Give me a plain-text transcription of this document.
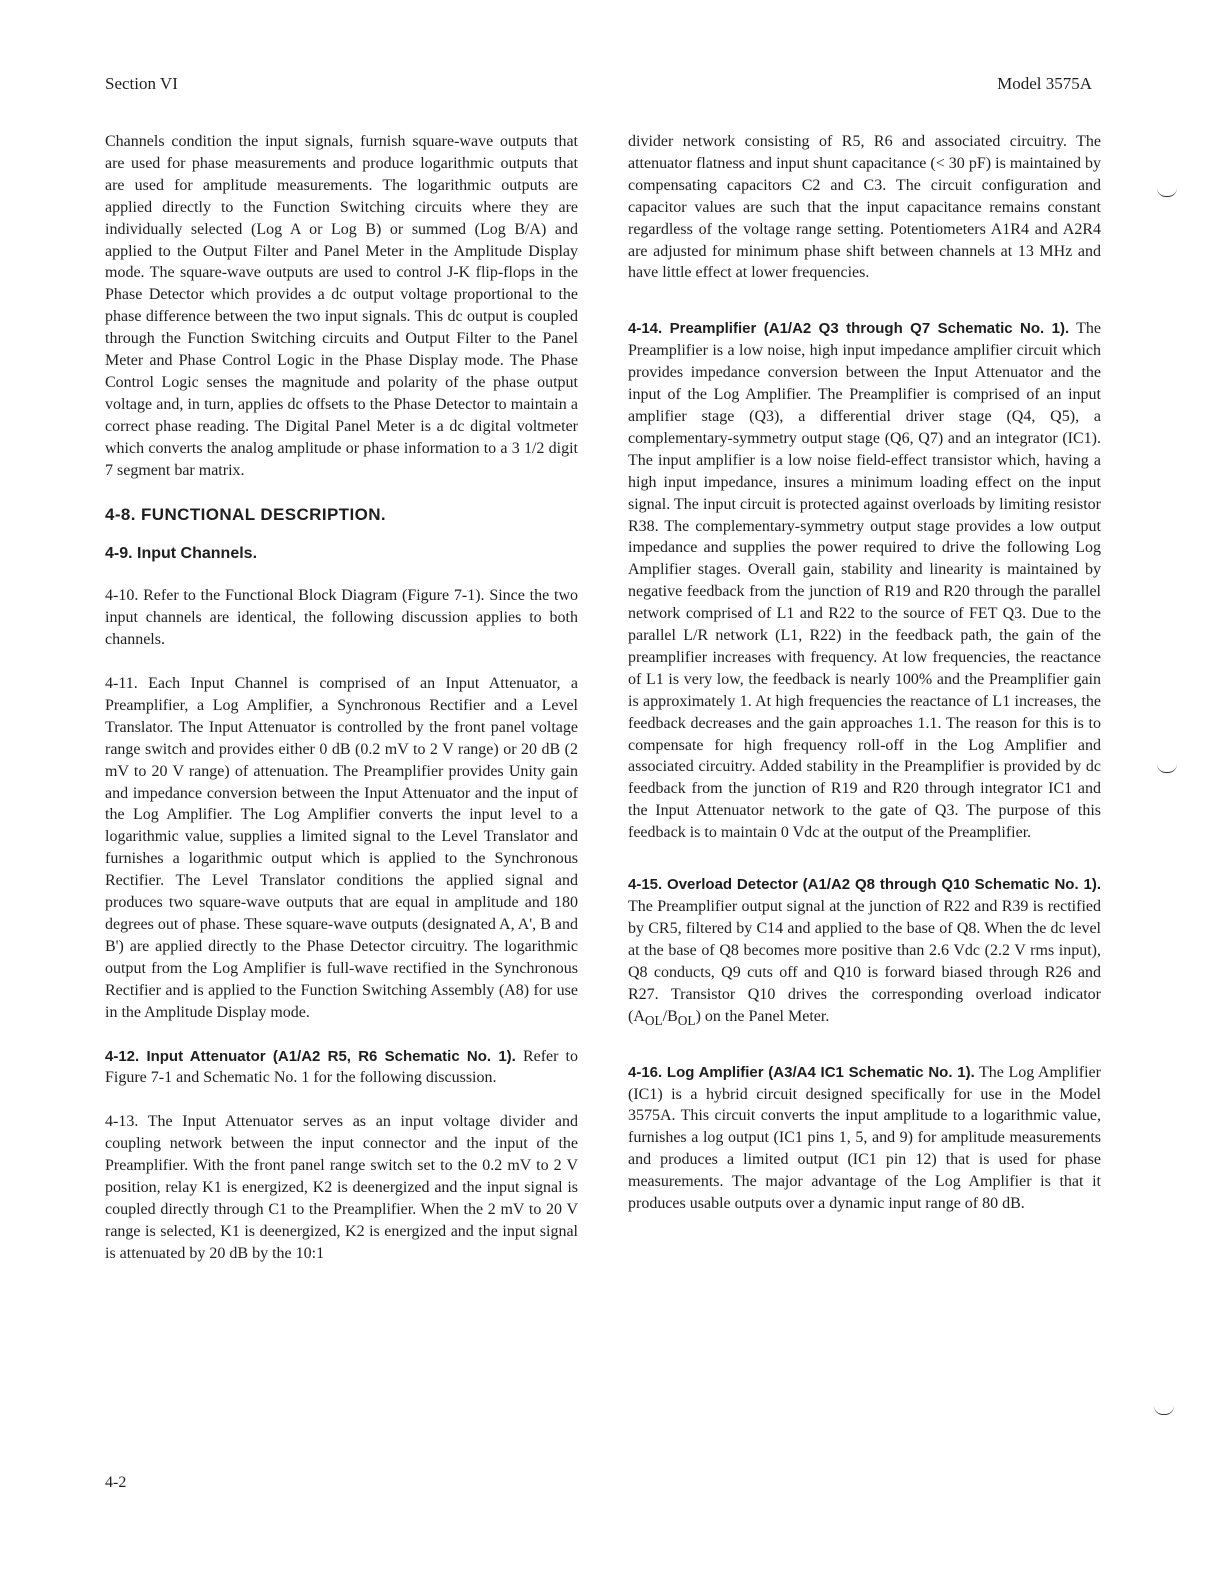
Section VI	Model 3575A

Channels condition the input signals, furnish square-wave outputs that are used for phase measurements and produce logarithmic outputs that are used for amplitude measurements. The logarithmic outputs are applied directly to the Function Switching circuits where they are individually selected (Log A or Log B) or summed (Log B/A) and applied to the Output Filter and Panel Meter in the Amplitude Display mode. The square-wave outputs are used to control J-K flip-flops in the Phase Detector which provides a dc output voltage proportional to the phase difference between the two input signals. This dc output is coupled through the Function Switching circuits and Output Filter to the Panel Meter and Phase Control Logic in the Phase Display mode. The Phase Control Logic senses the magnitude and polarity of the phase output voltage and, in turn, applies dc offsets to the Phase Detector to maintain a correct phase reading. The Digital Panel Meter is a dc digital voltmeter which converts the analog amplitude or phase information to a 3 1/2 digit 7 segment bar matrix.

4-8. FUNCTIONAL DESCRIPTION.
4-9. Input Channels.

4-10. Refer to the Functional Block Diagram (Figure 7-1). Since the two input channels are identical, the following discussion applies to both channels.

4-11. Each Input Channel is comprised of an Input Attenuator, a Preamplifier, a Log Amplifier, a Synchronous Rectifier and a Level Translator. The Input Attenuator is controlled by the front panel voltage range switch and provides either 0 dB (0.2 mV to 2 V range) or 20 dB (2 mV to 20 V range) of attenuation. The Preamplifier provides Unity gain and impedance conversion between the Input Attenuator and the input of the Log Amplifier. The Log Amplifier converts the input level to a logarithmic value, supplies a limited signal to the Level Translator and furnishes a logarithmic output which is applied to the Synchronous Rectifier. The Level Translator conditions the applied signal and produces two square-wave outputs that are equal in amplitude and 180 degrees out of phase. These square-wave outputs (designated A, A', B and B') are applied directly to the Phase Detector circuitry. The logarithmic output from the Log Amplifier is full-wave rectified in the Synchronous Rectifier and is applied to the Function Switching Assembly (A8) for use in the Amplitude Display mode.

4-12. Input Attenuator (A1/A2 R5, R6 Schematic No. 1). Refer to Figure 7-1 and Schematic No. 1 for the following discussion.

4-13. The Input Attenuator serves as an input voltage divider and coupling network between the input connector and the input of the Preamplifier. With the front panel range switch set to the 0.2 mV to 2 V position, relay K1 is energized, K2 is deenergized and the input signal is coupled directly through C1 to the Preamplifier. When the 2 mV to 20 V range is selected, K1 is deenergized, K2 is energized and the input signal is attenuated by 20 dB by the 10:1

divider network consisting of R5, R6 and associated circuitry. The attenuator flatness and input shunt capacitance (< 30 pF) is maintained by compensating capacitors C2 and C3. The circuit configuration and capacitor values are such that the input capacitance remains constant regardless of the voltage range setting. Potentiometers A1R4 and A2R4 are adjusted for minimum phase shift between channels at 13 MHz and have little effect at lower frequencies.

4-14. Preamplifier (A1/A2 Q3 through Q7 Schematic No. 1). The Preamplifier is a low noise, high input impedance amplifier circuit which provides impedance conversion between the Input Attenuator and the input of the Log Amplifier. The Preamplifier is comprised of an input amplifier stage (Q3), a differential driver stage (Q4, Q5), a complementary-symmetry output stage (Q6, Q7) and an integrator (IC1). The input amplifier is a low noise field-effect transistor which, having a high input impedance, insures a minimum loading effect on the input signal. The input circuit is protected against overloads by limiting resistor R38. The complementary-symmetry output stage provides a low output impedance and supplies the power required to drive the following Log Amplifier stages. Overall gain, stability and linearity is maintained by negative feedback from the junction of R19 and R20 through the parallel network comprised of L1 and R22 to the source of FET Q3. Due to the parallel L/R network (L1, R22) in the feedback path, the gain of the preamplifier increases with frequency. At low frequencies, the reactance of L1 is very low, the feedback is nearly 100% and the Preamplifier gain is approximately 1. At high frequencies the reactance of L1 increases, the feedback decreases and the gain approaches 1.1. The reason for this is to compensate for high frequency roll-off in the Log Amplifier and associated circuitry. Added stability in the Preamplifier is provided by dc feedback from the junction of R19 and R20 through integrator IC1 and the Input Attenuator network to the gate of Q3. The purpose of this feedback is to maintain 0 Vdc at the output of the Preamplifier.

4-15. Overload Detector (A1/A2 Q8 through Q10 Schematic No. 1). The Preamplifier output signal at the junction of R22 and R39 is rectified by CR5, filtered by C14 and applied to the base of Q8. When the dc level at the base of Q8 becomes more positive than 2.6 Vdc (2.2 V rms input), Q8 conducts, Q9 cuts off and Q10 is forward biased through R26 and R27. Transistor Q10 drives the corresponding overload indicator $(A_{OL}/B_{OL})$ on the Panel Meter.

4-16. Log Amplifier (A3/A4 IC1 Schematic No. 1). The Log Amplifier (IC1) is a hybrid circuit designed specifically for use in the Model 3575A. This circuit converts the input amplitude to a logarithmic value, furnishes a log output (IC1 pins 1, 5, and 9) for amplitude measurements and produces a limited output (IC1 pin 12) that is used for phase measurements. The major advantage of the Log Amplifier is that it produces usable outputs over a dynamic input range of 80 dB.

4-2
